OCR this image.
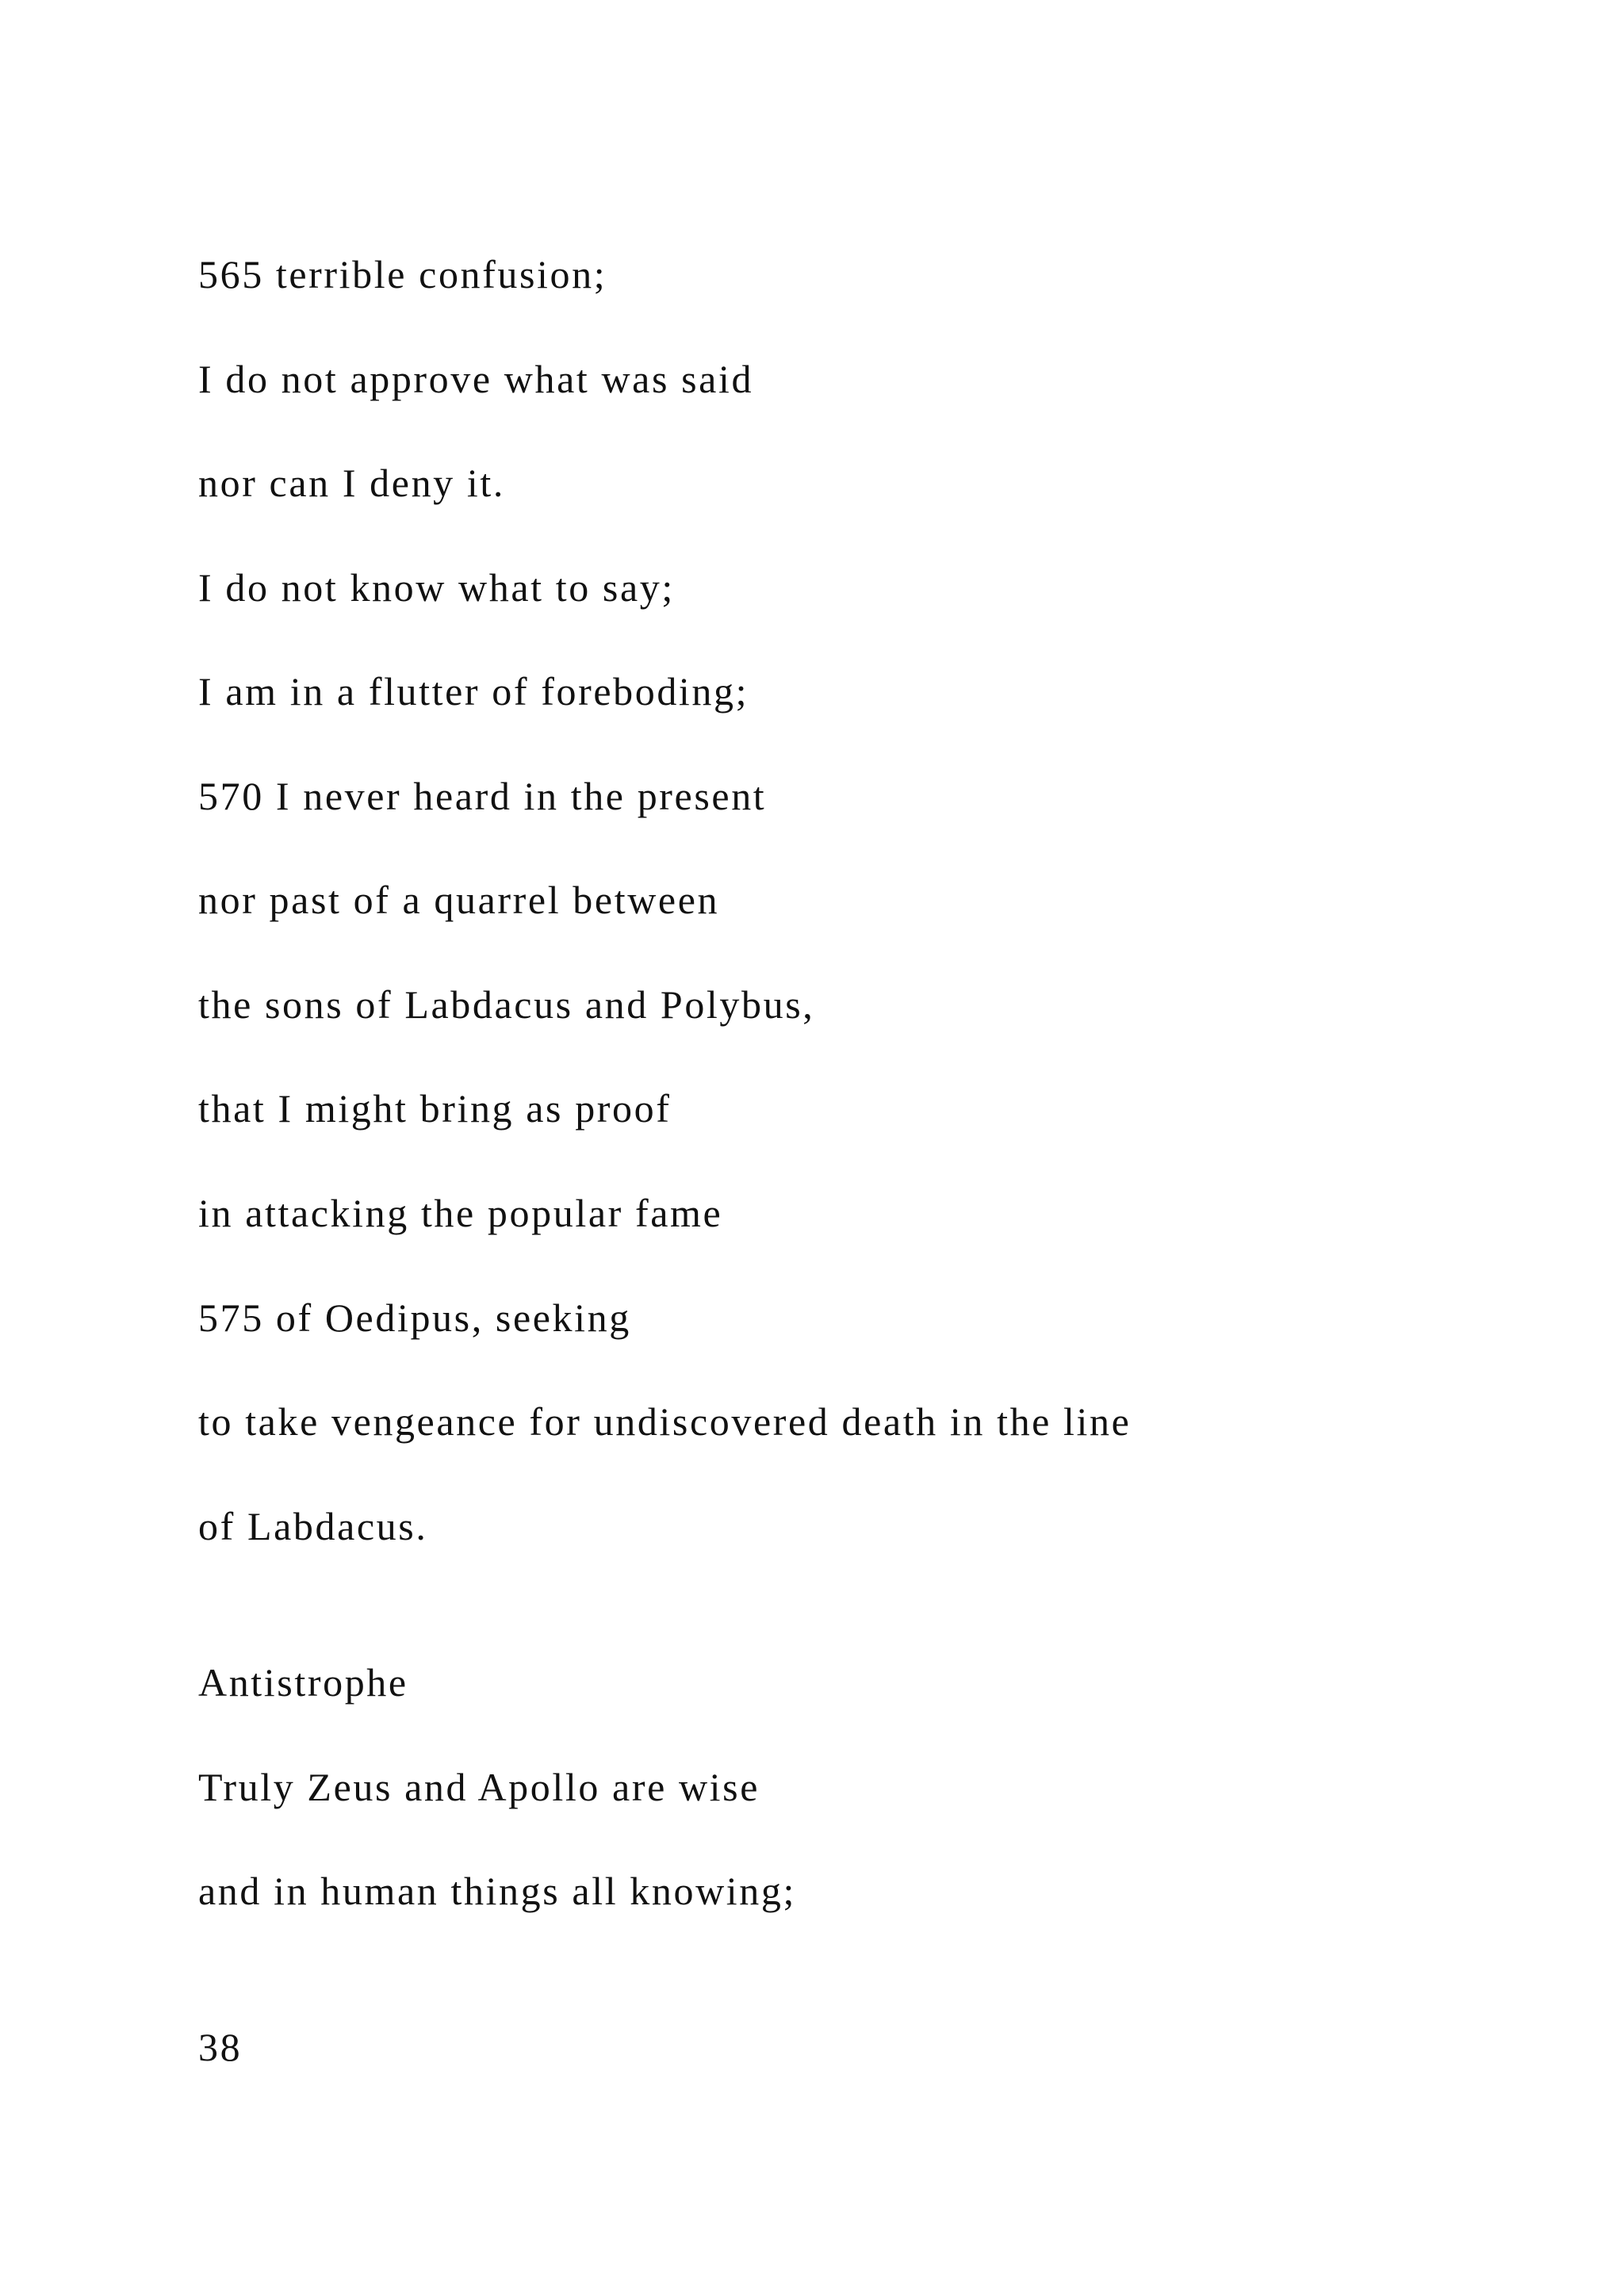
565 terrible confusion;

I do not approve what was said

nor can I deny it.

I do not know what to say;

I am in a flutter of foreboding;

570 I never heard in the present

nor past of a quarrel between

the sons of Labdacus and Polybus,

that I might bring as proof

in attacking the popular fame

575 of Oedipus, seeking

to take vengeance for undiscovered death in the line

of Labdacus.

Antistrophe

Truly Zeus and Apollo are wise

and in human things all knowing;

38
